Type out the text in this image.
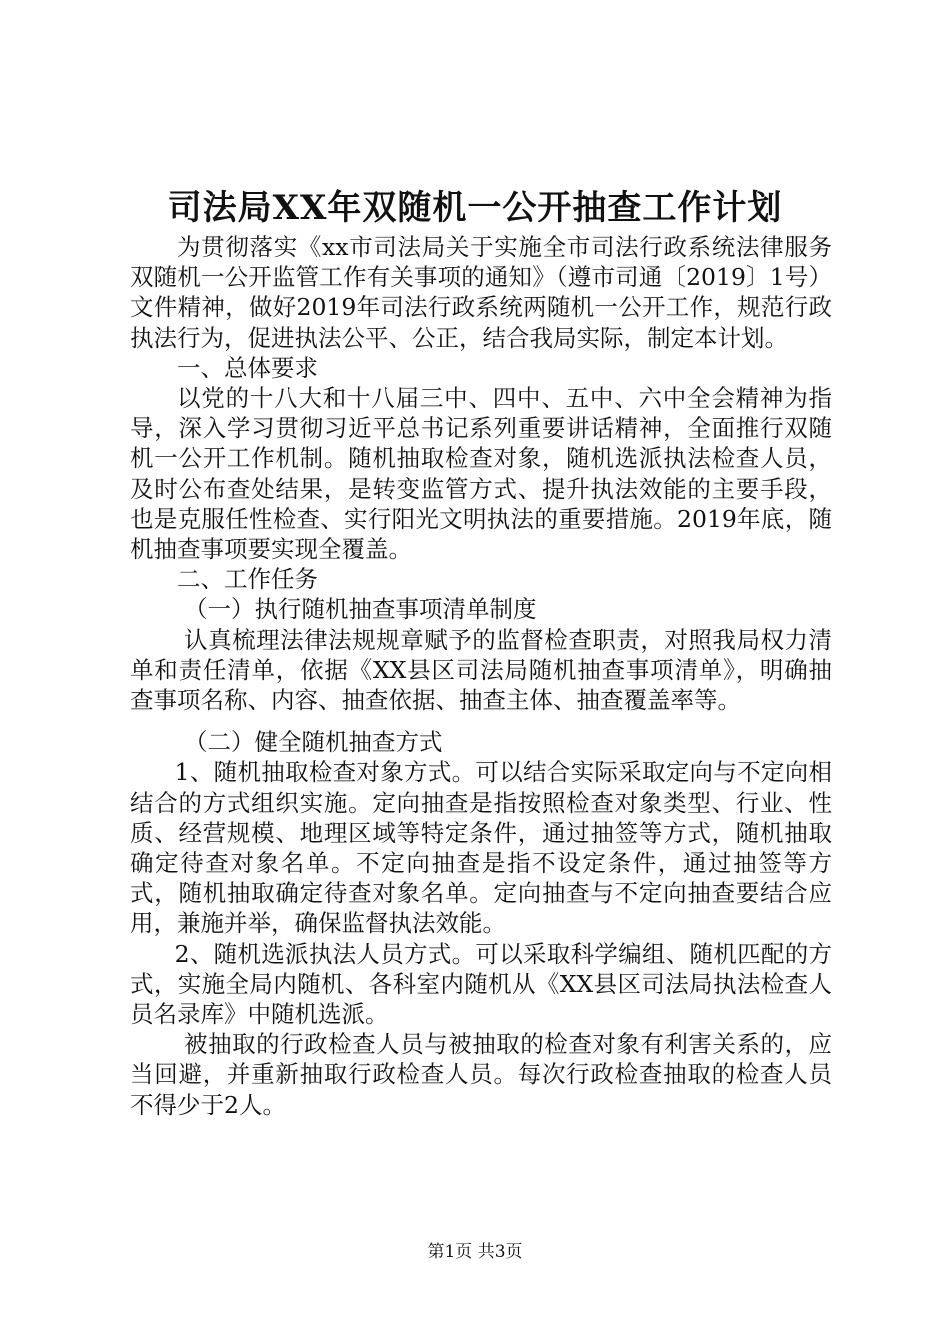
司法局XX年双随机一公开抽查工作计划

为贯彻落实《xx市司法局关于实施全市司法行政系统法律服务双随机一公开监管工作有关事项的通知》（遵市司通〔2019〕1号）文件精神，做好2019年司法行政系统两随机一公开工作，规范行政执法行为，促进执法公平、公正，结合我局实际，制定本计划。

一、总体要求

以党的十八大和十八届三中、四中、五中、六中全会精神为指导，深入学习贯彻习近平总书记系列重要讲话精神，全面推行双随机一公开工作机制。随机抽取检查对象，随机选派执法检查人员，及时公布查处结果，是转变监管方式、提升执法效能的主要手段，也是克服任性检查、实行阳光文明执法的重要措施。2019年底，随机抽查事项要实现全覆盖。

二、工作任务

（一）执行随机抽查事项清单制度

认真梳理法律法规规章赋予的监督检查职责，对照我局权力清单和责任清单，依据《XX县区司法局随机抽查事项清单》，明确抽查事项名称、内容、抽查依据、抽查主体、抽查覆盖率等。

（二）健全随机抽查方式

1、随机抽取检查对象方式。可以结合实际采取定向与不定向相结合的方式组织实施。定向抽查是指按照检查对象类型、行业、性质、经营规模、地理区域等特定条件，通过抽签等方式，随机抽取确定待查对象名单。不定向抽查是指不设定条件，通过抽签等方式，随机抽取确定待查对象名单。定向抽查与不定向抽查要结合应用，兼施并举，确保监督执法效能。

2、随机选派执法人员方式。可以采取科学编组、随机匹配的方式，实施全局内随机、各科室内随机从《XX县区司法局执法检查人员名录库》中随机选派。

被抽取的行政检查人员与被抽取的检查对象有利害关系的，应当回避，并重新抽取行政检查人员。每次行政检查抽取的检查人员不得少于2人。

第1页 共3页
